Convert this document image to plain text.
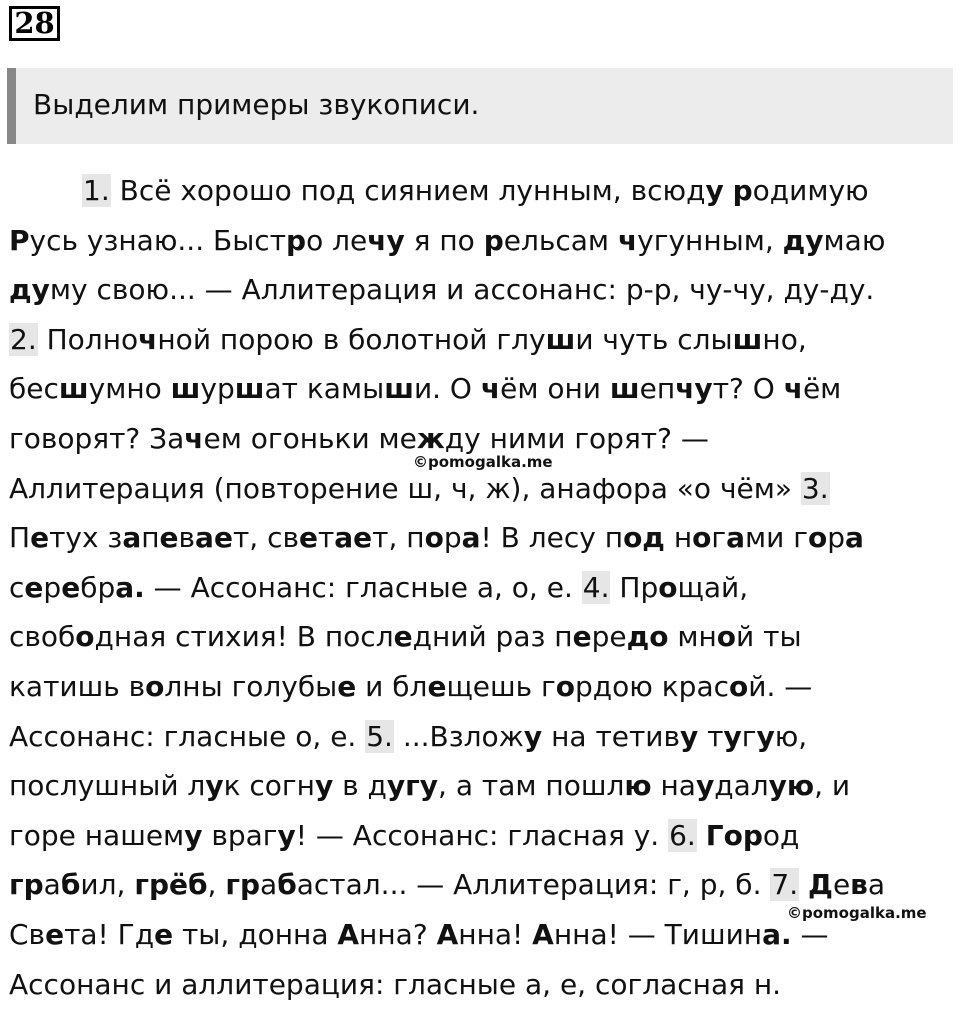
28
Выделим примеры звукописи.
1. Всё хорошо под сиянием лунным, всюду родимую
Русь узнаю... Быстро лечу я по рельсам чугунным, думаю
думу свою... — Аллитерация и ассонанс: р-р, чу-чу, ду-ду.
2. Полночной порою в болотной глуши чуть слышно,
бесшумно шуршат камыши. О чём они шепчут? О чём
говорят? Зачем огоньки между ними горят? —
Аллитерация (повторение ш, ч, ж), анафора «о чём» 3.
Петух запевает, светает, пора! В лесу под ногами гора
серебра. — Ассонанс: гласные а, о, е. 4. Прощай,
свободная стихия! В последний раз передо мной ты
катишь волны голубые и блещешь гордою красой. —
Ассонанс: гласные о, е. 5. ...Взложу на тетиву тугую,
послушный лук согну в дугу, а там пошлю наудалую, и
горе нашему врагу! — Ассонанс: гласная у. 6. Город
грабил, грёб, грабастал... — Аллитерация: г, р, б. 7. Дева
Света! Где ты, донна Анна? Анна! Анна! — Тишина. —
Ассонанс и аллитерация: гласные а, е, согласная н.
©pomogalka.me
©pomogalka.me
